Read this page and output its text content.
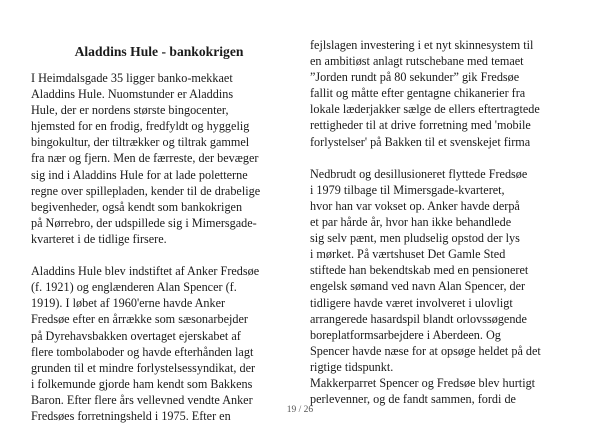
Aladdins Hule - bankokrigen
I Heimdalsgade 35 ligger banko-mekkaet
Aladdins Hule. Nuomstunder er Aladdins
Hule, der er nordens største bingocenter,
hjemsted for en frodig, fredfyldt og hyggelig
bingokultur, der tiltrækker og tiltrak gammel
fra nær og fjern. Men de færreste, der bevæger
sig ind i Aladdins Hule for at lade poletterne
regne over spillepladen, kender til de drabelige
begivenheder, også kendt som bankokrigen
på Nørrebro, der udspillede sig i Mimersgade-
kvarteret i de tidlige firsere.
Aladdins Hule blev indstiftet af Anker Fredsøe
(f. 1921) og englænderen Alan Spencer (f.
1919). I løbet af 1960'erne havde Anker
Fredsøe efter en årrække som sæsonarbejder
på Dyrehavsbakken overtaget ejerskabet af
flere tombolaboder og havde efterhånden lagt
grunden til et mindre forlystelsessyndikat, der
i folkemunde gjorde ham kendt som Bakkens
Baron. Efter flere års vellevned vendte Anker
Fredsøes forretningsheld i 1975. Efter en
fejlslagen investering i et nyt skinnesystem til
en ambitiøst anlagt rutschebane med temaet
”Jorden rundt på 80 sekunder” gik Fredsøe
fallit og måtte efter gentagne chikanerier fra
lokale læderjakker sælge de ellers eftertragtede
rettigheder til at drive forretning med 'mobile
forlystelser' på Bakken til et svenskejet firma
Nedbrudt og desillusioneret flyttede Fredsøe
i 1979 tilbage til Mimersgade-kvarteret,
hvor han var vokset op. Anker havde derpå
et par hårde år, hvor han ikke behandlede
sig selv pænt, men pludselig opstod der lys
i mørket. På værtshuset Det Gamle Sted
stiftede han bekendtskab med en pensioneret
engelsk sømand ved navn Alan Spencer, der
tidligere havde været involveret i ulovligt
arrangerede hasardspil blandt orlovssøgende
boreplatformsarbejdere i Aberdeen. Og
Spencer havde næse for at opsøge heldet på det
rigtige tidspunkt.
Makkerparret Spencer og Fredsøe blev hurtigt
perlevenner, og de fandt sammen, fordi de
19 / 26
